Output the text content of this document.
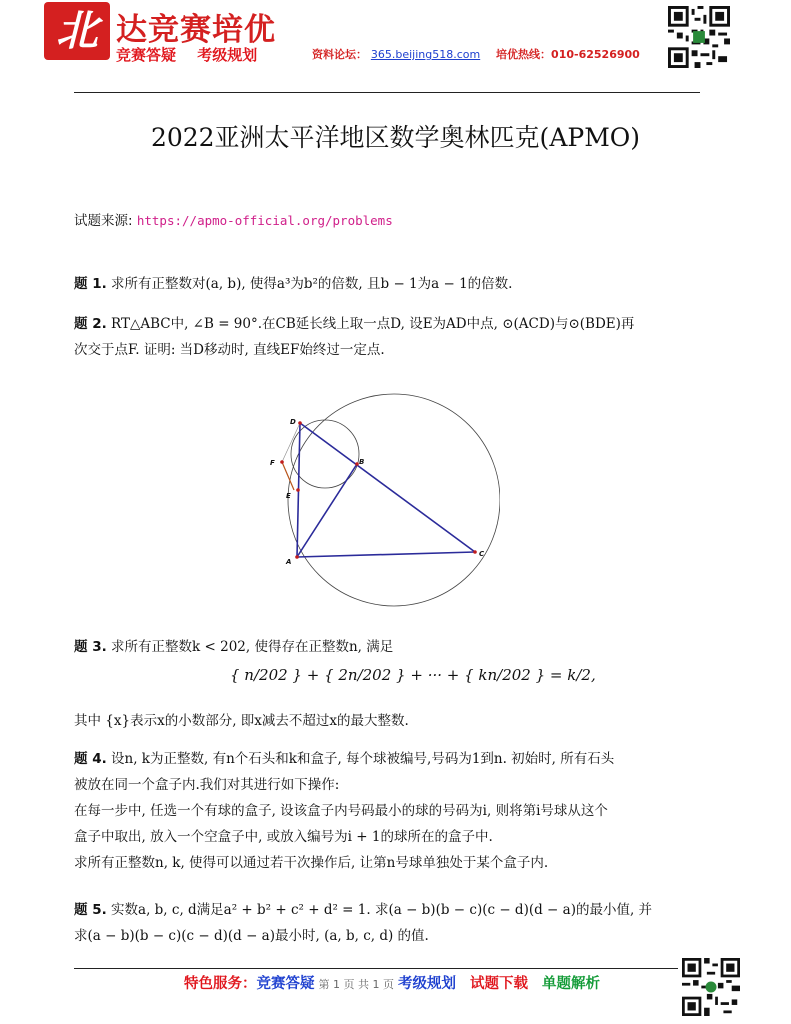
北 达竞赛培优
竞赛答疑 考级规划	资料论坛： 365.beijing518.com 培优热线：010-62526900
2022亚洲太平洋地区数学奥林匹克(APMO)
试题来源: https://apmo-official.org/problems
题 1. 求所有正整数对(a, b), 使得a³为b²的倍数, 且b − 1为a − 1的倍数.
题 2. RT△ABC中, ∠B = 90°.在CB延长线上取一点D, 设E为AD中点, ⊙(ACD)与⊙(BDE)再
次交于点F. 证明: 当D移动时, 直线EF始终过一定点.
D
F
E
B
A
C
题 3. 求所有正整数k < 202, 使得存在正整数n, 满足
{ n/202 } + { 2n/202 } + ··· + { kn/202 } = k/2,
其中 {x}表示x的小数部分, 即x减去不超过x的最大整数.
题 4. 设n, k为正整数, 有n个石头和k和盒子, 每个球被编号,号码为1到n. 初始时, 所有石头
被放在同一个盒子内.我们对其进行如下操作:
在每一步中, 任选一个有球的盒子, 设该盒子内号码最小的球的号码为i, 则将第i号球从这个
盒子中取出, 放入一个空盒子中, 或放入编号为i + 1的球所在的盒子中.
求所有正整数n, k, 使得可以通过若干次操作后, 让第n号球单独处于某个盒子内.
题 5. 实数a, b, c, d满足a² + b² + c² + d² = 1. 求(a − b)(b − c)(c − d)(d − a)的最小值, 并
求(a − b)(b − c)(c − d)(d − a)最小时, (a, b, c, d) 的值.
特色服务：竞赛答疑 第 1 页 共 1 页 考级规划 试题下载 单题解析
